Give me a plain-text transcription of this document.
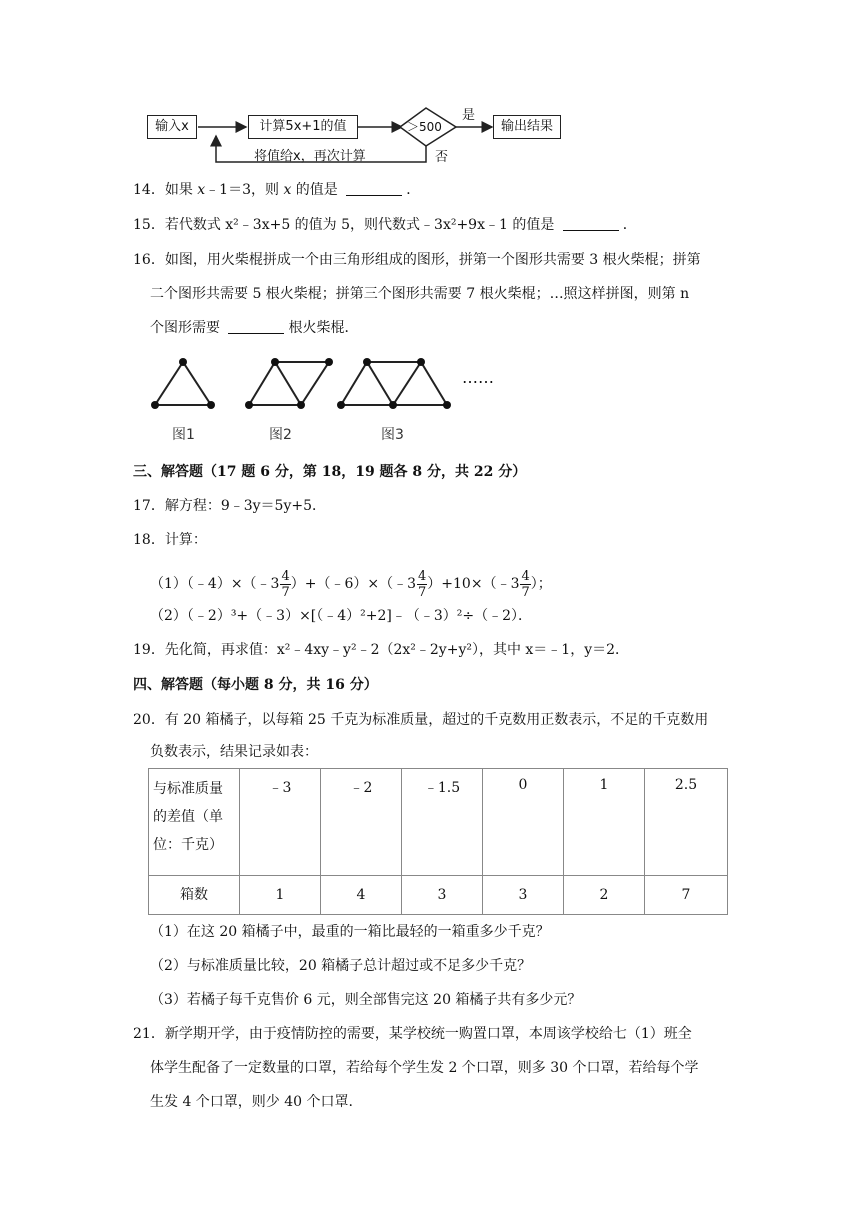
输入x	计算5x+1的值	＞500
是
否
输出结果
将值给x，再次计算
14．如果 x﹣1＝3，则 x 的值是	．
15．若代数式 x²﹣3x+5 的值为 5，则代数式﹣3x²+9x﹣1 的值是	．
16．如图，用火柴棍拼成一个由三角形组成的图形，拼第一个图形共需要 3 根火柴棍；拼第
二个图形共需要 5 根火柴棍；拼第三个图形共需要 7 根火柴棍；…照这样拼图，则第 n
个图形需要	根火柴棍．
……
图1	图2	图3
三、解答题（17 题 6 分，第 18，19 题各 8 分，共 22 分）
17．解方程：9﹣3y＝5y+5．
18．计算：
（1）（﹣4）×（﹣3 $\frac{4}{7}$ ）+（﹣6）×（﹣3 $\frac{4}{7}$ ）+10×（﹣3 $\frac{4}{7}$ ）；
（2）（﹣2）³+（﹣3）×[（﹣4）²+2]﹣（﹣3）²÷（﹣2）．
19．先化简，再求值：x²﹣4xy﹣y²﹣2（2x²﹣2y+y²），其中 x＝﹣1，y＝2．
四、解答题（每小题 8 分，共 16 分）
20．有 20 箱橘子，以每箱 25 千克为标准质量，超过的千克数用正数表示，不足的千克数用
负数表示，结果记录如表：
与标准质量的差值（单位：千克）	﹣3	﹣2	﹣1.5	0	1	2.5
箱数	1	4	3	3	2	7
（1）在这 20 箱橘子中，最重的一箱比最轻的一箱重多少千克？
（2）与标准质量比较，20 箱橘子总计超过或不足多少千克？
（3）若橘子每千克售价 6 元，则全部售完这 20 箱橘子共有多少元？
21．新学期开学，由于疫情防控的需要，某学校统一购置口罩，本周该学校给七（1）班全
体学生配备了一定数量的口罩，若给每个学生发 2 个口罩，则多 30 个口罩，若给每个学
生发 4 个口罩，则少 40 个口罩.
